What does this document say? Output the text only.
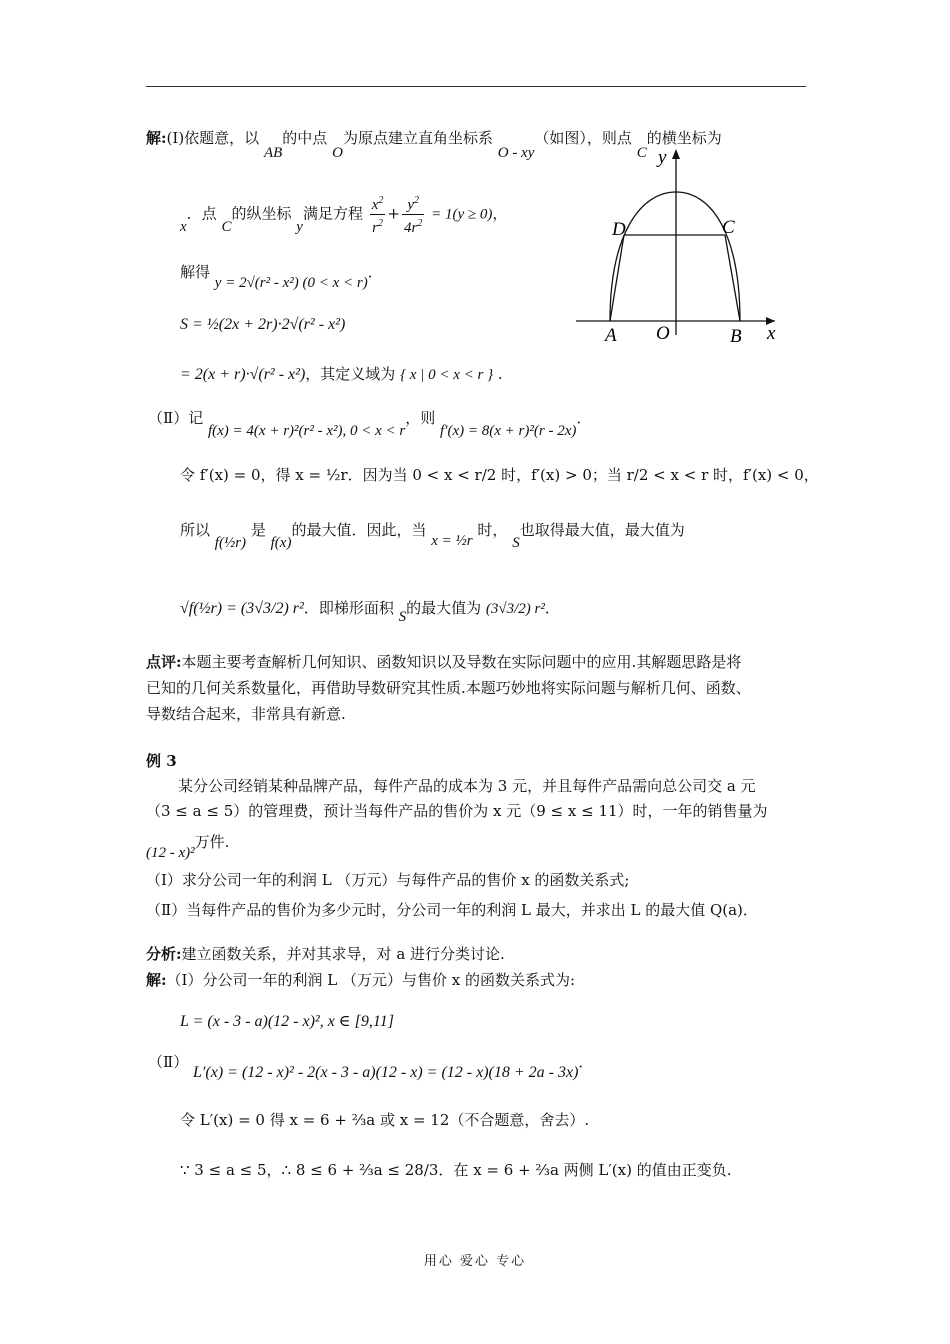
解:(Ⅰ)依题意，以 AB的中点 O为原点建立直角坐标系 O - xy（如图），则点 C的横坐标为
x．点 C的纵坐标 y满足方程 $\frac{x^2}{r^2} + \frac{y^2}{4r^2} = 1(y \ge 0)$，
解得 y = 2√(r² - x²) (0 < x < r)．
S = ½(2x + 2r)·2√(r² - x²)
= 2(x + r)·√(r² - x²)，其定义域为 { x | 0 < x < r } .
y
x
D	C
A O	B
（Ⅱ）记 f(x) = 4(x + r)²(r² - x²), 0 < x < r，则 f′(x) = 8(x + r)²(r - 2x)．
令 f′(x) = 0，得 x = ½r．因为当 0 < x < r/2 时，f′(x) > 0；当 r/2 < x < r 时，f′(x) < 0，
所以 f(½r) 是 f(x)的最大值．因此，当 x = ½r 时， S也取得最大值，最大值为
√f(½r) = (3√3/2) r²．即梯形面积 S的最大值为 (3√3/2) r²．
点评:本题主要考查解析几何知识、函数知识以及导数在实际问题中的应用.其解题思路是将
已知的几何关系数量化，再借助导数研究其性质.本题巧妙地将实际问题与解析几何、函数、
导数结合起来，非常具有新意.
例 3
某分公司经销某种品牌产品，每件产品的成本为 3 元，并且每件产品需向总公司交 a 元
（3 ≤ a ≤ 5）的管理费，预计当每件产品的售价为 x 元（9 ≤ x ≤ 11）时，一年的销售量为
(12 - x)²万件.
（Ⅰ）求分公司一年的利润 L （万元）与每件产品的售价 x 的函数关系式;
（Ⅱ）当每件产品的售价为多少元时，分公司一年的利润 L 最大，并求出 L 的最大值 Q(a)．
分析:建立函数关系，并对其求导，对 a 进行分类讨论.
解:（Ⅰ）分公司一年的利润 L （万元）与售价 x 的函数关系式为:
L = (x - 3 - a)(12 - x)², x ∈ [9,11]
（Ⅱ） L′(x) = (12 - x)² - 2(x - 3 - a)(12 - x) = (12 - x)(18 + 2a - 3x)．
令 L′(x) = 0 得 x = 6 + ⅔a 或 x = 12（不合题意，舍去）.
∵ 3 ≤ a ≤ 5，∴ 8 ≤ 6 + ⅔a ≤ 28/3．在 x = 6 + ⅔a 两侧 L′(x) 的值由正变负.
用心 爱心 专心
